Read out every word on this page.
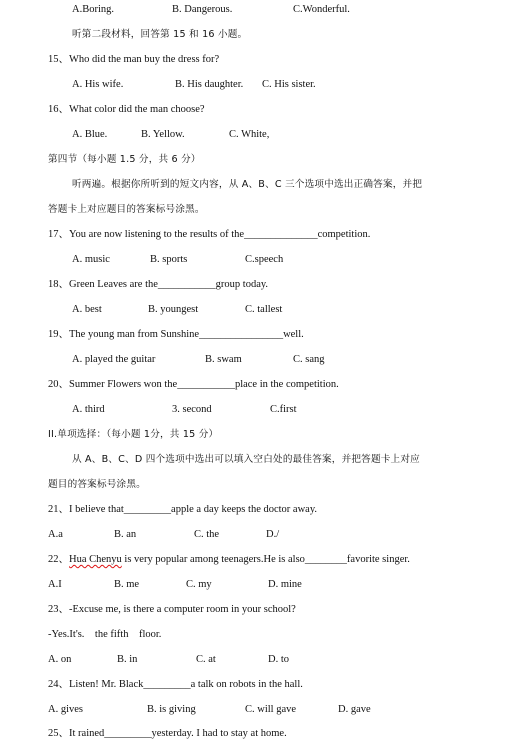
A.Boring.	B. Dangerous.	C.Wonderful.
听第二段材料，回答第 15 和 16 小题。
15、Who did the man buy the dress for?
A. His wife.	B. His daughter. C. His sister.
16、What color did the man choose?
A. Blue.	B. Yellow.	C. White,
第四节（每小题 1.5 分，共 6 分）
听两遍。根据你所听到的短文内容，从 A、B、C 三个选项中选出正确答案，并把
答题卡上对应题目的答案标号涂黑。
17、You are now listening to the results of the______________competition.
A. music	B. sports	C.speech
18、Green Leaves are the___________group today.
A. best	B. youngest	C. tallest
19、The young man from Sunshine________________well.
A. played the guitar	B. swam	C. sang
20、Summer Flowers won the___________place in the competition.
A. third	3. second	C.first
II.单项选择：（每小题 1分，共 15 分）
从 A、B、C、D 四个选项中选出可以填入空白处的最佳答案，并把答题卡上对应
题目的答案标号涂黑。
21、I believe that_________apple a day keeps the doctor away.
A.a	B. an	C. the	D./
22、Hua Chenyu is very popular among teenagers.He is also________favorite singer.
A.I	B. me	C. my	D. mine
23、-Excuse me, is there a computer room in your school?
-Yes.It's.    the fifth    floor.
A. on	B. in	C. at	D. to
24、Listen! Mr. Black_________a talk on robots in the hall.
A. gives	B. is giving	C. will gave	D. gave
25、It rained_________yesterday. I had to stay at home.
